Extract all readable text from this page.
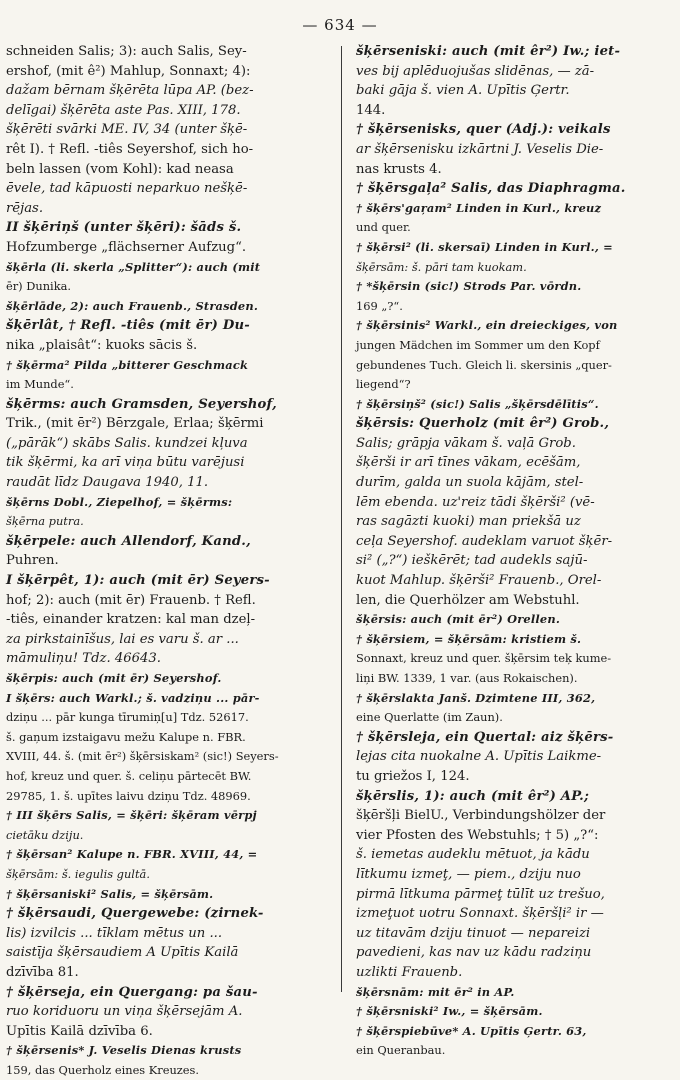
— 634 —
schneiden Salis; 3): auch Salis, Sey-
ershof, (mit ê²) Mahlup, Sonnaxt; 4):
dažam bērnam šķērēta lūpa AP. (bez-
delīgai) šķērēta aste Pas. XIII, 178.
šķērēti svārki ME. IV, 34 (unter šķē-
rêt I). † Refl. -tiês Seyershof, sich ho-
beln lassen (vom Kohl): kad neasa
ēvele, tad kāpuosti neparkuo nešķē-
rējas.
II šķēriņš (unter šķēri): šāds š.
Hofzumberge „flächserner Aufzug“.
šķērla (li. skerla „Splitter“): auch (mit
ēr) Dunika.
šķērlāde, 2): auch Frauenb., Strasden.
šķērlât, † Refl. -tiês (mit ēr) Du-
nika „plaisât“: kuoks sācis š.
† šķērma² Pilda „bitterer Geschmack
im Munde“.
šķērms: auch Gramsden, Seyershof,
Trik., (mit ēr²) Bērzgale, Erlaa; šķērmi
(„pārāk“) skābs Salis. kundzei kļuva
tik šķērmi, ka arī viņa būtu varējusi
raudāt līdz Daugava 1940, 11.
šķērns Dobl., Ziepelhof, = šķērms:
šķērna putra.
šķērpele: auch Allendorf, Kand.,
Puhren.
I šķērpêt, 1): auch (mit ēr) Seyers-
hof; 2): auch (mit ēr) Frauenb. † Refl.
-tiês, einander kratzen: kal man dzeļ-
za pirkstainīšus, lai es varu š. ar ...
māmuliņu! Tdz. 46643.
šķērpis: auch (mit ēr) Seyershof.
I šķērs: auch Warkl.; š. vadziņu ... pār-
dziņu ... pār kunga tīrumiņ[u] Tdz. 52617.
š. gaņum izstaigavu mežu Kalupe n. FBR.
XVIII, 44. š. (mit ēr²) šķērsiskam² (sic!) Seyers-
hof, kreuz und quer. š. celiņu pārtecēt BW.
29785, 1. š. upītes laivu dziņu Tdz. 48969.
† III šķērs Salis, = šķēri: šķēram vērpj
cietāku dziju.
† šķērsan² Kalupe n. FBR. XVIII, 44, =
šķērsām: š. iegulis gultā.
† šķērsaniski² Salis, = šķērsām.
† šķērsaudi, Quergewebe: (zirnek-
lis) izvilcis ... tīklam mētus un ...
saistīja šķērsaudiem A Upītis Kailā
dzīvība 81.
† šķērseja, ein Quergang: pa šau-
ruo koriduoru un viņa šķērsejām A.
Upītis Kailā dzīvība 6.
† šķērsenis* J. Veselis Dienas krusts
159, das Querholz eines Kreuzes.
šķērseniski: auch (mit êr²) Iw.; iet-
ves bij aplēduojušas slidēnas, — zā-
baki gāja š. vien A. Upītis Ģertr.
144.
† šķērsenisks, quer (Adj.): veikals
ar šķērsenisku izkārtni J. Veselis Die-
nas krusts 4.
† šķērsgaļa² Salis, das Diaphragma.
† šķērs'gaŗam² Linden in Kurl., kreuz
und quer.
† šķērsi² (li. skersaī) Linden in Kurl., =
šķērsām: š. pāri tam kuokam.
† *šķērsin (sic!) Strods Par. vōrdn.
169 „?“.
† šķērsinis² Warkl., ein dreieckiges, von
jungen Mädchen im Sommer um den Kopf
gebundenes Tuch. Gleich li. skersinis „quer-
liegend“?
† šķērsiņš² (sic!) Salis „šķērsdēlītis“.
šķērsis: Querholz (mit êr²) Grob.,
Salis; grāpja vākam š. vaļā Grob.
šķērši ir arī tīnes vākam, ecēšām,
durīm, galda un suola kājām, stel-
lēm ebenda. uz'reiz tādi šķērši² (vē-
ras sagāzti kuoki) man priekšā uz
ceļa Seyershof. audeklam varuot šķēr-
si² („?“) ieškērēt; tad audekls sajū-
kuot Mahlup. šķērši² Frauenb., Orel-
len, die Querhölzer am Webstuhl.
šķērsis: auch (mit ēr²) Orellen.
† šķērsiem, = šķērsām: kristiem š.
Sonnaxt, kreuz und quer. šķērsim teķ kume-
liņi BW. 1339, 1 var. (aus Rokaischen).
† šķērslakta Janš. Dzimtene III, 362,
eine Querlatte (im Zaun).
† šķērsleja, ein Quertal: aiz šķērs-
lejas cita nuokalne A. Upītis Laikme-
tu griežos I, 124.
šķērslis, 1): auch (mit êr²) AP.;
šķēršļi BielU., Verbindungshölzer der
vier Pfosten des Webstuhls; † 5) „?“:
š. iemetas audeklu mētuot, ja kādu
lītkumu izmeţ, — piem., dziju nuo
pirmā lītkuma pārmeţ tūlīt uz trešuo,
izmeţuot uotru Sonnaxt. šķēršļi² ir —
uz titavām dziju tinuot — nepareizi
pavedieni, kas nav uz kādu radziņu
uzlikti Frauenb.
šķērsnām: mit ēr² in AP.
† šķērsniski² Iw., = šķērsām.
† šķērspiebūve* A. Upītis Ģertr. 63,
ein Queranbau.
